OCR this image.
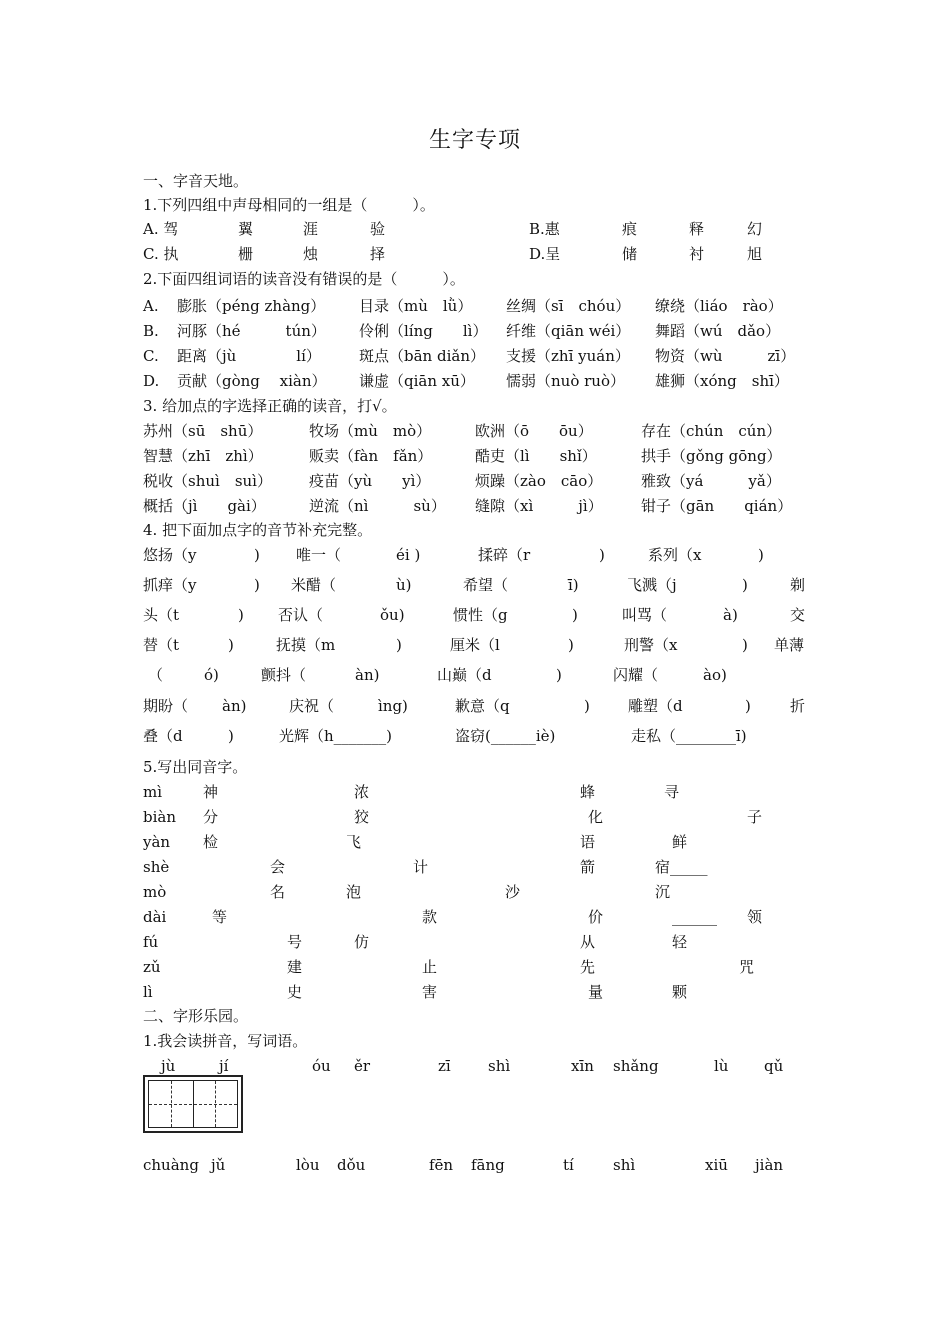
生字专项
一、字音天地。
1.下列四组中声母相同的一组是（　　　）。
A. 驾	翼	涯	验	B.惠	痕	释	幻
C. 执	栅	烛	择	D.呈	储	衬	旭
2.下面四组词语的读音没有错误的是（　　　）。
A. 膨胀（péng zhàng） 目录（mù　lǜ） 丝绸（sī　chóu） 缭绕（liáo　rào）
B. 河豚（hé　　　tún） 伶俐（líng　　lì） 纤维（qiān wéi） 舞蹈（wú　dǎo）
C. 距离（jù　　　　lí）	斑点（bān diǎn） 支援（zhī yuán） 物资（wù　　　zī）
D. 贡献（gòng　 xiàn） 谦虚（qiān xū） 懦弱（nuò ruò） 雄狮（xóng　shī）
3. 给加点的字选择正确的读音，打√。
苏州（sū　shū）	牧场（mù　mò）	欧洲（ō　　ōu）	存在（chún　cún）
智慧（zhī　zhì）	贩卖（fàn　fǎn）	酷吏（lì　　shǐ）	拱手（gǒng gōng）
税收（shuì　suì） 疫苗（yù　　yì）	烦躁（zào　cāo）	雅致（yá　　　yǎ）
概括（jì　　gài）	逆流（nì　　　sù） 缝隙（xì　　　jì）	钳子（gān　　qián）
4. 把下面加点字的音节补充完整。
悠扬（y	) 唯一（	éi )	揉碎（r	)	系列（x	)
抓痒（y	) 米醋（	ù)	希望（	ī)	飞溅（j	)	剃
头（t	) 否认（	ǒu)	惯性（g	)	叫骂（	à)	交
替（t	)	抚摸（m	)	厘米（l	)	刑警（x	) 单薄
（	ó)	颤抖（	àn)	山巅（d	)	闪耀（	ào)
期盼（ àn)	庆祝（	ìng)	歉意（q	)	雕塑（d	)	折
叠（d	)	光辉（h_______)	盗窃(______iè)	走私（________ī)
5.写出同音字。
mì	神	浓	蜂	寻
biàn 分	狡	化	子
yàn 检	飞	语	鲜
shè	会	计	箭	宿_____
mò	名	泡	沙	沉
dài	等	款	价	______ 领
fú	号	仿	从	轻
zǔ	建	止	先	咒
lì	史	害	量	颗
二、字形乐园。
1.我会读拼音，写词语。
jù	jí	óu ěr	zī shì	xīn shǎng	lù qǔ
chuàng jǔ	lòu dǒu	fēn fāng	tí	shì	xiū jiàn
